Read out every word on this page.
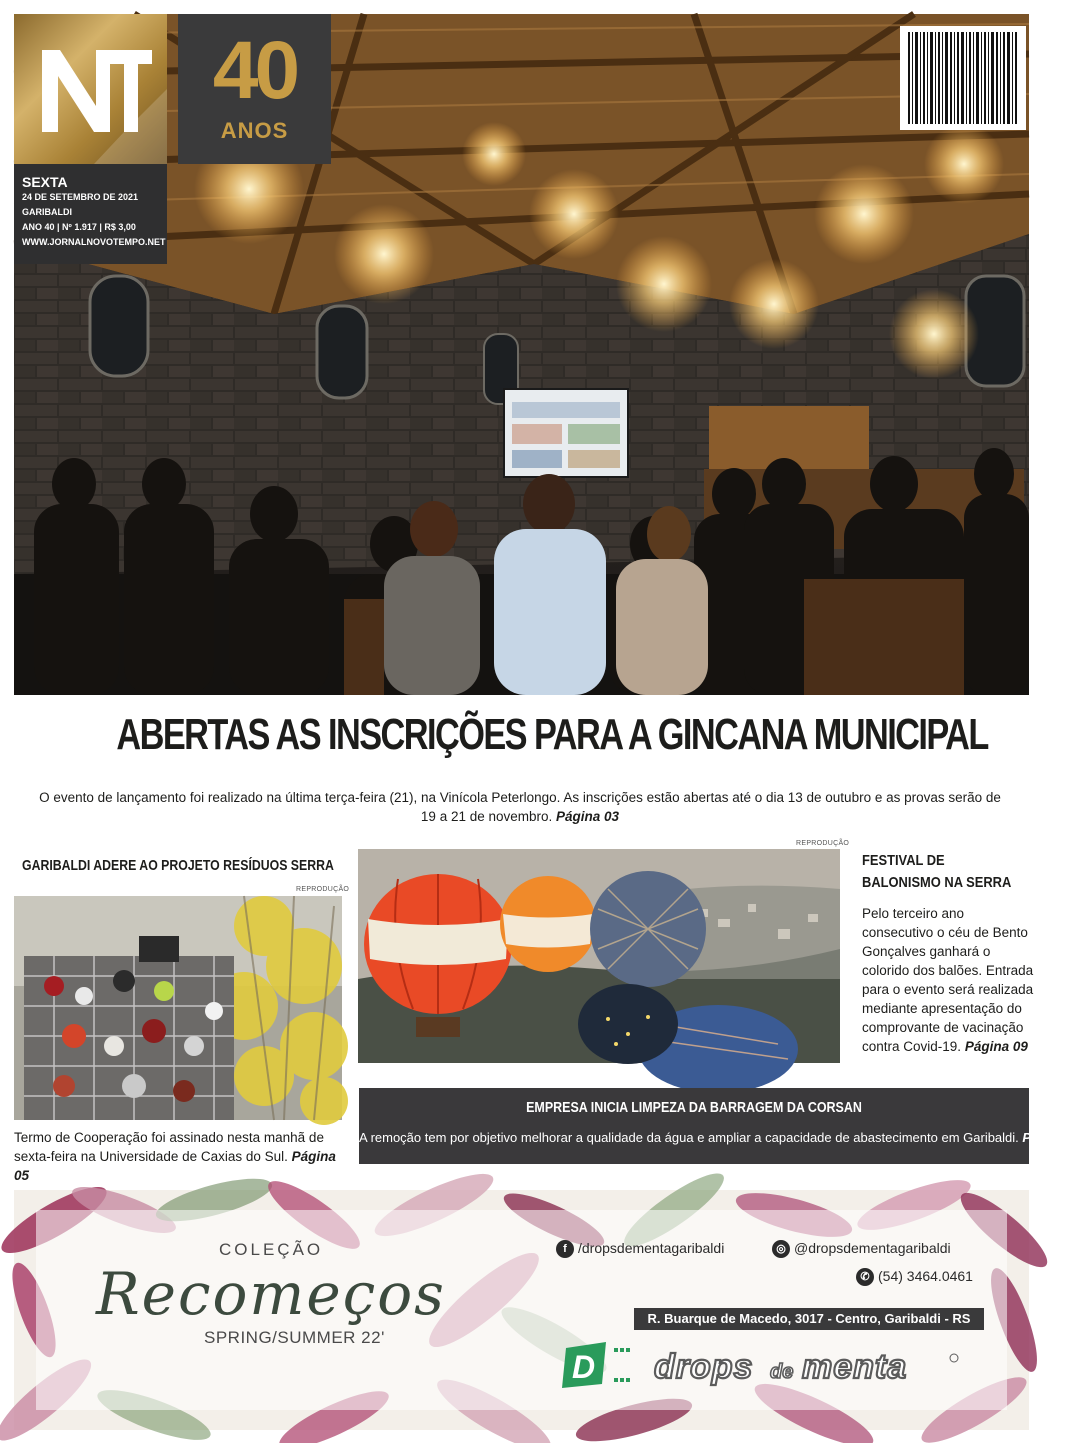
40
ANOS
SEXTA
24 DE SETEMBRO DE 2021
GARIBALDI
ANO 40 | Nº 1.917 | R$ 3,00
WWW.JORNALNOVOTEMPO.NET
ABERTAS AS INSCRIÇÕES PARA A GINCANA MUNICIPAL

O evento de lançamento foi realizado na última terça-feira (21), na Vinícola Peterlongo. As inscrições estão abertas até o dia 13 de outubro e as provas serão de 19 a 21 de novembro. Página 03

GARIBALDI ADERE AO PROJETO RESÍDUOS SERRA
REPRODUÇÃO

Termo de Cooperação foi assinado nesta manhã de sexta-feira na Universidade de Caxias do Sul. Página 05

REPRODUÇÃO
FESTIVAL DE BALONISMO NA SERRA

Pelo terceiro ano consecutivo o céu de Bento Gonçalves ganhará o colorido dos balões. Entrada para o evento será realizada mediante apresentação do comprovante de vacinação contra Covid-19. Página 09

EMPRESA INICIA LIMPEZA DA BARRAGEM DA CORSAN
A remoção tem por objetivo melhorar a qualidade da água e ampliar a capacidade de abastecimento em Garibaldi. Página 07
COLEÇÃO
Recomeços
SPRING/SUMMER 22'
f /dropsdementagaribaldi	◎ @dropsdementagaribaldi
✆ (54) 3464.0461
R. Buarque de Macedo, 3017 - Centro, Garibaldi - RS
D drops de menta
